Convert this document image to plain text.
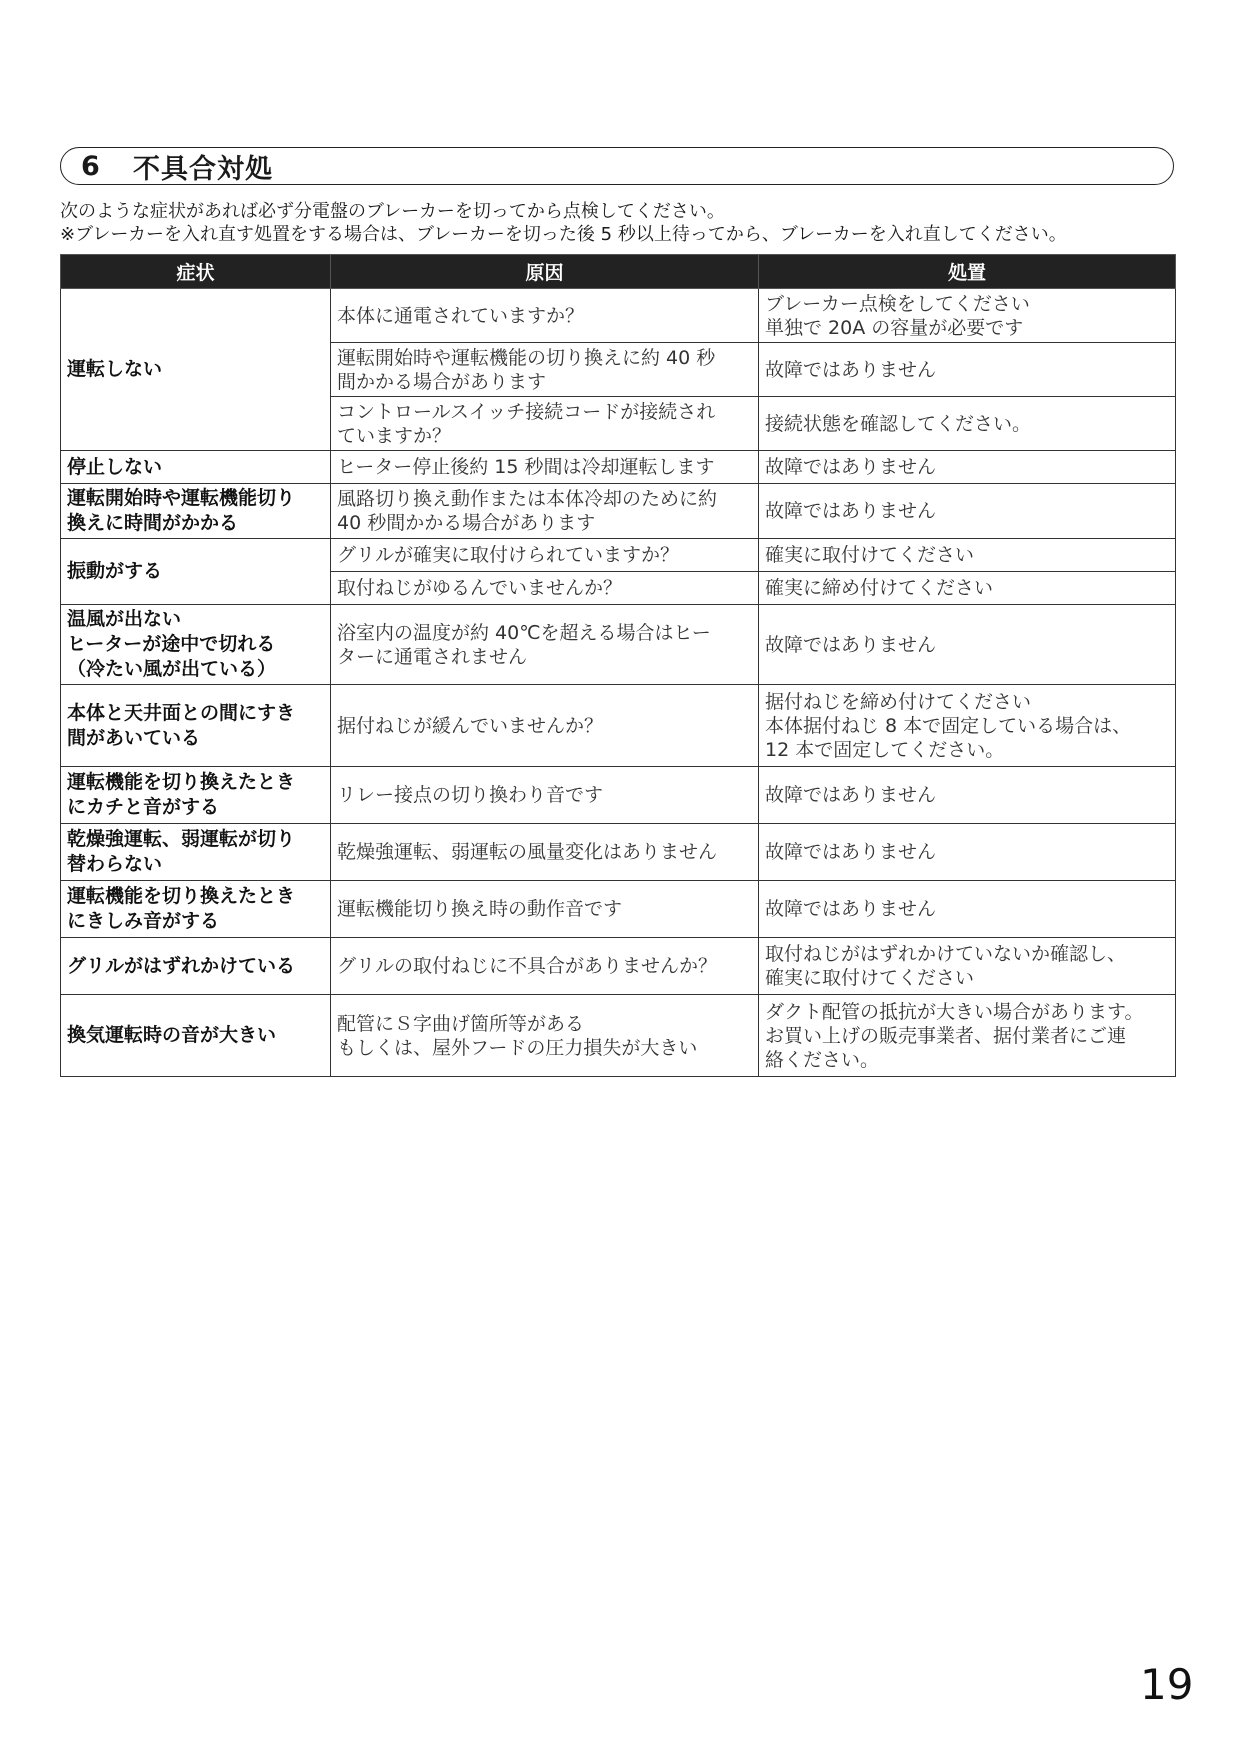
6	不具合対処
次のような症状があれば必ず分電盤のブレーカーを切ってから点検してください。
※ブレーカーを入れ直す処置をする場合は、ブレーカーを切った後 5 秒以上待ってから、ブレーカーを入れ直してください。
症状	原因	処置

運転しない	本体に通電されていますか？	ブレーカー点検をしてください
単独で 20A の容量が必要です

	運転開始時や運転機能の切り換えに約 40 秒
間かかる場合があります	故障ではありません

	コントロールスイッチ接続コードが接続され
ていますか？	接続状態を確認してください。

停止しない	ヒーター停止後約 15 秒間は冷却運転します	故障ではありません

運転開始時や運転機能切り
換えに時間がかかる	風路切り換え動作または本体冷却のために約
40 秒間かかる場合があります	故障ではありません

振動がする	グリルが確実に取付けられていますか？	確実に取付けてください

	取付ねじがゆるんでいませんか？	確実に締め付けてください

温風が出ない
ヒーターが途中で切れる
（冷たい風が出ている）	浴室内の温度が約 40℃を超える場合はヒー
ターに通電されません	故障ではありません

本体と天井面との間にすき
間があいている	据付ねじが緩んでいませんか？	据付ねじを締め付けてください
本体据付ねじ 8 本で固定している場合は、
12 本で固定してください。

運転機能を切り換えたとき
にカチと音がする	リレー接点の切り換わり音です	故障ではありません

乾燥強運転、弱運転が切り
替わらない	乾燥強運転、弱運転の風量変化はありません	故障ではありません

運転機能を切り換えたとき
にきしみ音がする	運転機能切り換え時の動作音です	故障ではありません

グリルがはずれかけている	グリルの取付ねじに不具合がありませんか？	取付ねじがはずれかけていないか確認し、
確実に取付けてください

換気運転時の音が大きい	配管にＳ字曲げ箇所等がある
もしくは、屋外フードの圧力損失が大きい	ダクト配管の抵抗が大きい場合があります。
お買い上げの販売事業者、据付業者にご連
絡ください。
19
